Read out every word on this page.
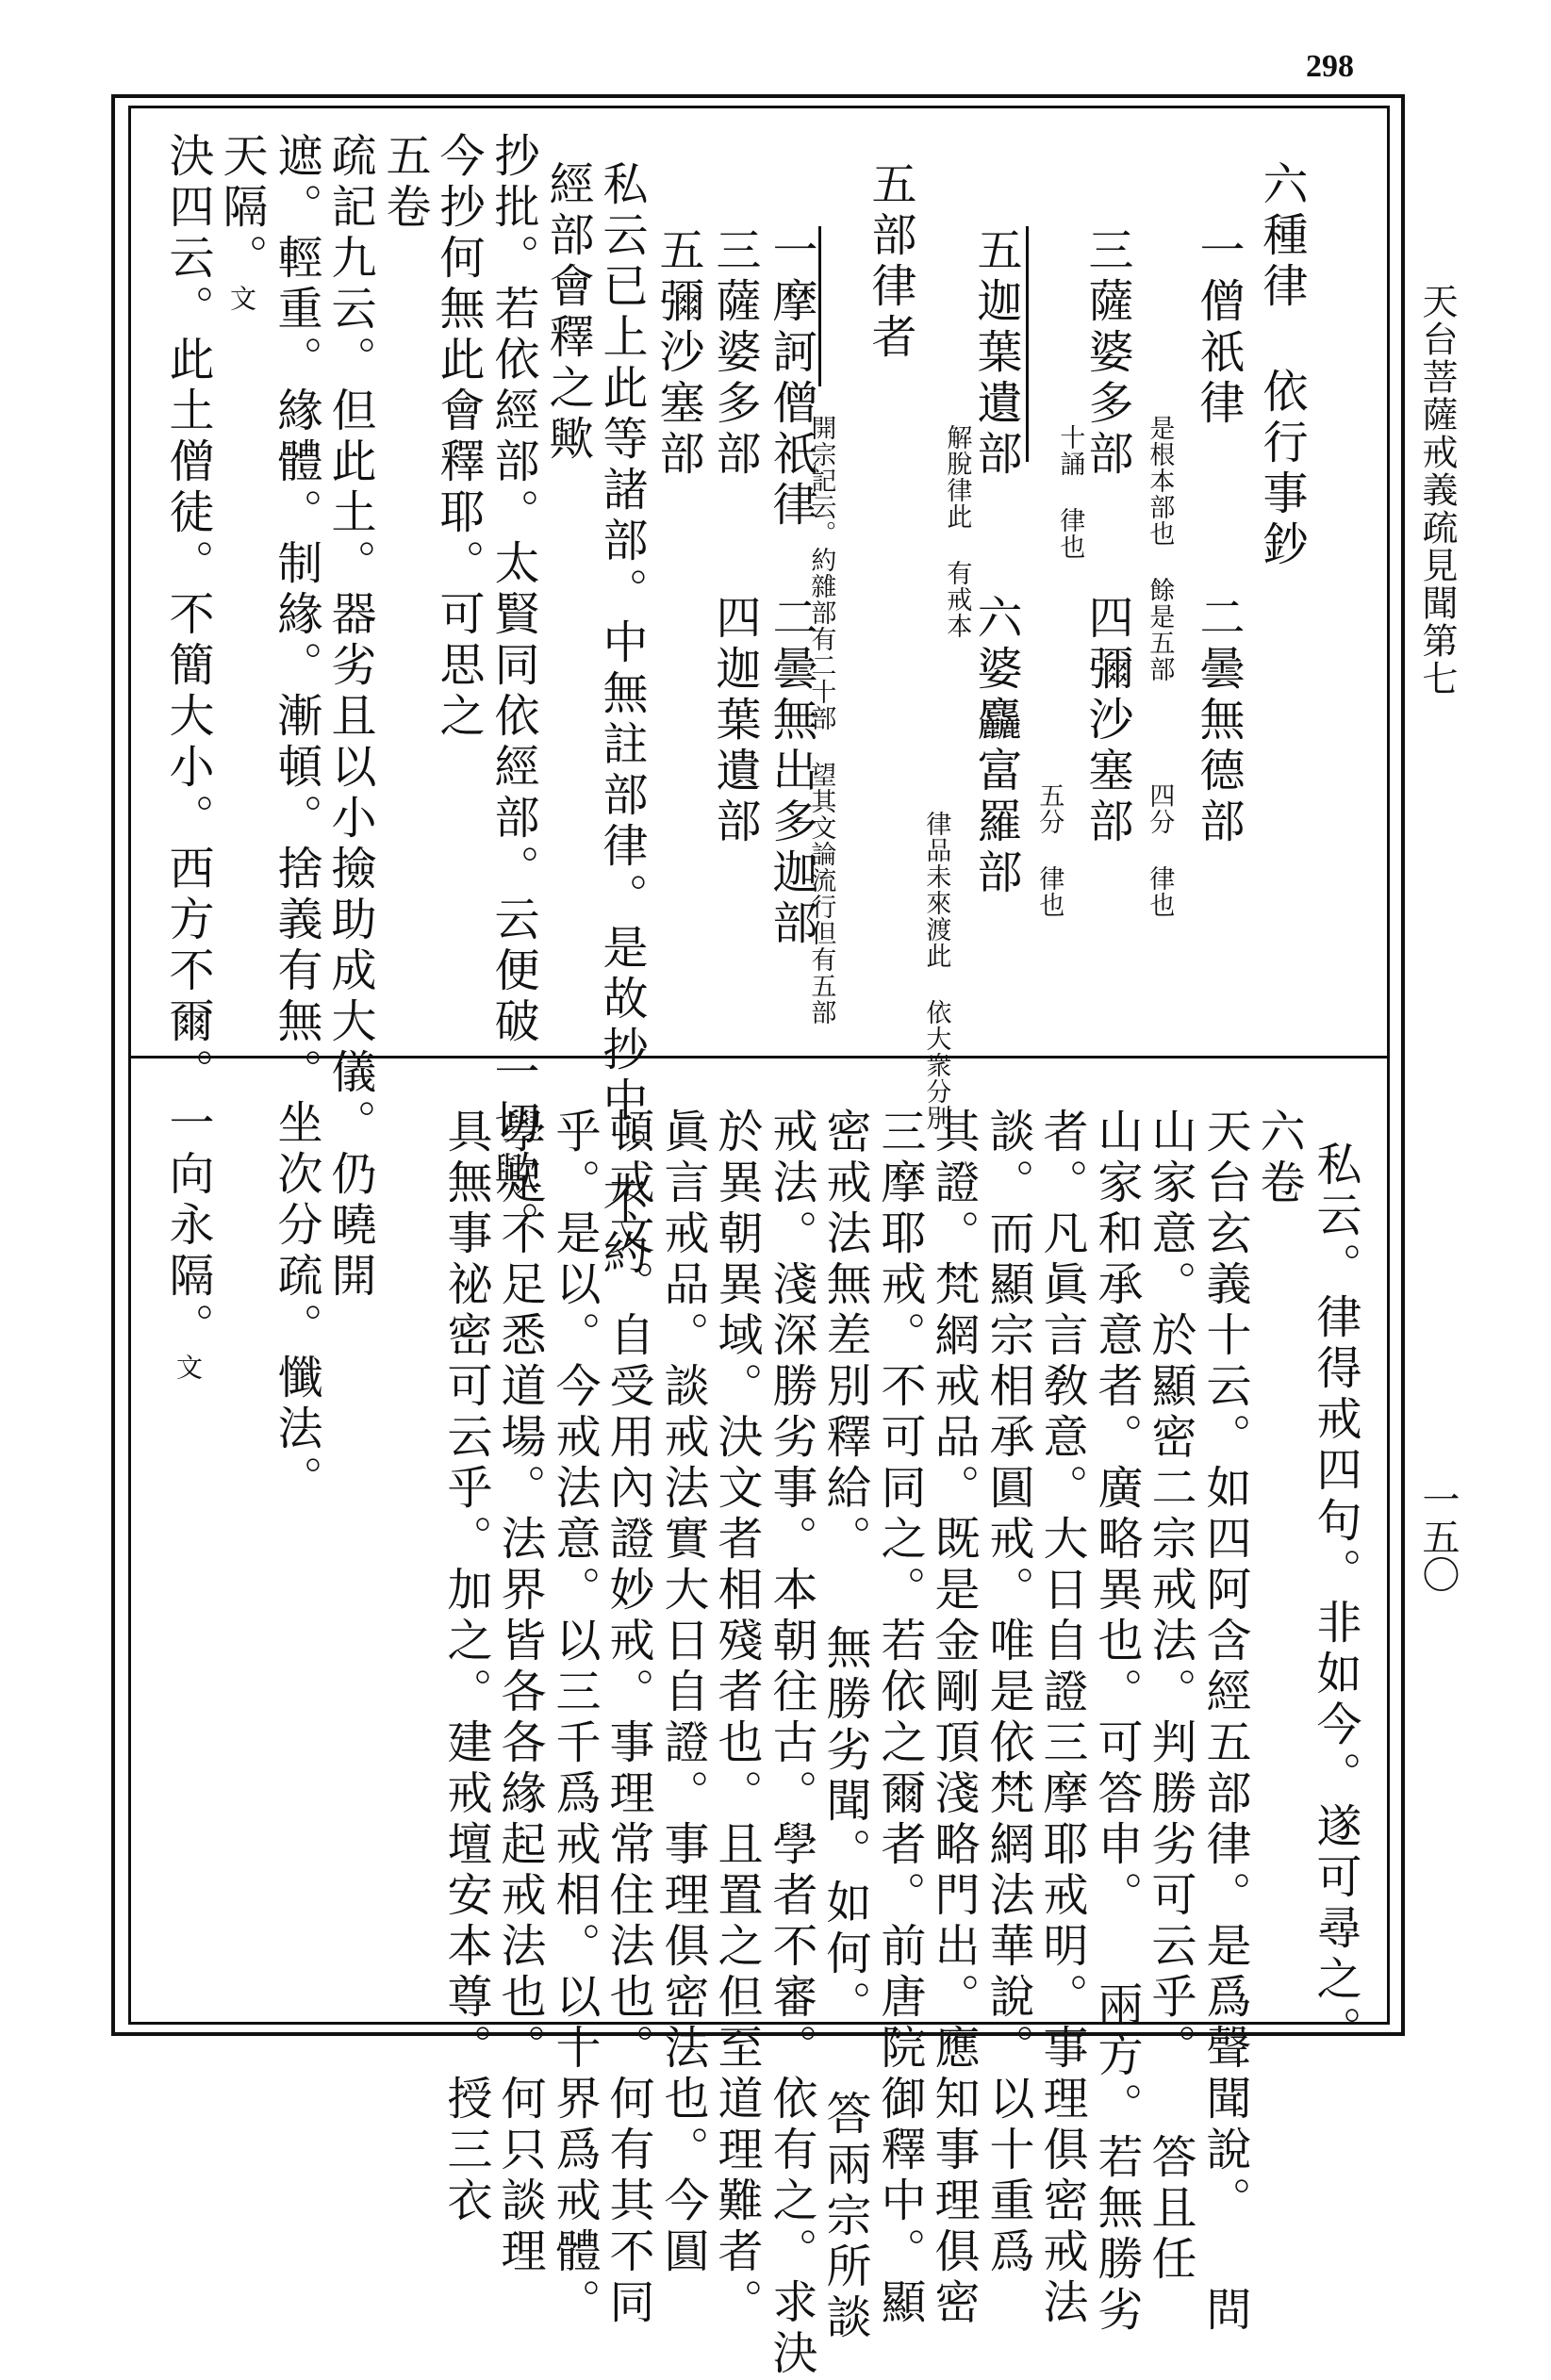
298
天台菩薩戒義疏見聞第七
一五〇
六種律
依行事鈔
一僧祇律
是根本部也 餘是五部
二曇無德部
四分 律也
三薩婆多部
十誦 律也
四彌沙塞部
五分 律也
五迦葉遺部
解脫律此 有戒本
六婆麤富羅部
律品未來渡此 依大衆分別
五部律者
開宗記云。約雜部有二十部 望其文論流行但有五部
一摩訶僧祇律
二曇無出多迦部
三薩婆多部
四迦葉遺部
五彌沙塞部
私云已上此等諸部。中無註部律。是故抄中。不約
經部會釋之歟
抄批。若依經部。太賢同依經部。云便破一切歟。
今抄何無此會釋耶。可思之
五卷
疏記九云。但此土。器劣且以小撿助成大儀。仍曉開
遮。輕重。緣體。制緣。漸頓。捨義有無。坐次分疏。懺法。
天隔。文
決四云。此土僧徒。不簡大小。西方不爾。一向永隔。文	私云。律得戒四句。非如今。遂可尋之。
六卷
天台玄義十云。如四阿含經五部律。是爲聲聞說。 問
山家意。於顯密二宗戒法。判勝劣可云乎。 答且任
山家和承意者。廣略異也。可答申。 兩方。若無勝劣
者。凡眞言敎意。大日自證三摩耶戒明。事理俱密戒法
談。而顯宗相承圓戒。唯是依梵網法華說。以十重爲
其證。梵網戒品。既是金剛頂淺略門出。應知事理俱密
三摩耶戒。不可同之。若依之爾者。前唐院御釋中。顯
密戒法無差別釋給。 無勝劣聞。如何。 答兩宗所談
戒法。淺深勝劣事。本朝往古。學者不審。依有之。求決
於異朝異域。決文者相殘者也。且置之但至道理難者。
眞言戒品。談戒法實大日自證。事理俱密法也。今圓
頓戒文。自受用內證妙戒。事理常住法也。何有其不同
乎。是以。今戒法意。以三千爲戒相。以十界爲戒體。
學足不足悉道場。法界皆各各緣起戒法也。何只談理
具無事祕密可云乎。加之。建戒壇安本尊。授三衣
